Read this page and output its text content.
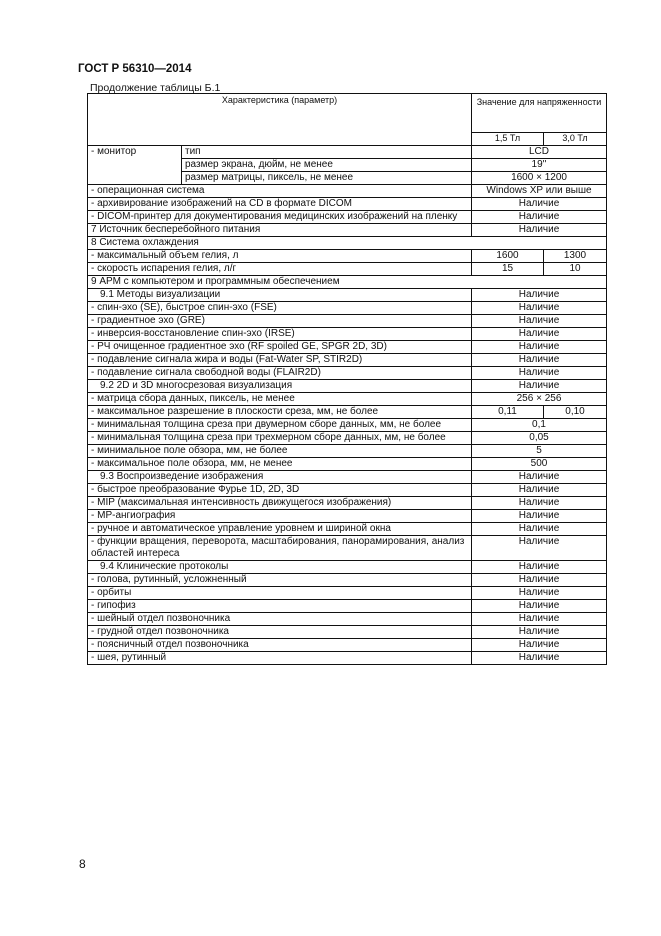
ГОСТ Р 56310—2014
Продолжение таблицы Б.1
Характеристика (параметр)		Значение для напряженности	
		1,5 Тл	3,0 Тл
- монитор	тип	LCD	
	размер экрана, дюйм, не менее	19''	
	размер матрицы, пиксель, не менее	1600 × 1200	
- операционная система		Windows XP или выше	
- архивирование изображений на CD в формате DICOM		Наличие	
- DICOM-принтер для документирования медицинских изображений на пленку		Наличие	
7 Источник бесперебойного питания		Наличие	
8 Система охлаждения			
- максимальный объем гелия, л		1600	1300
- скорость испарения гелия, л/г		15	10
9 АРМ с компьютером и программным обеспечением			
9.1 Методы визуализации		Наличие	
- спин-эхо (SE), быстрое спин-эхо (FSE)		Наличие	
- градиентное эхо (GRE)		Наличие	
- инверсия-восстановление спин-эхо (IRSE)		Наличие	
- РЧ очищенное градиентное эхо (RF spoiled GE, SPGR 2D, 3D)		Наличие	
- подавление сигнала жира и воды (Fat-Water SP, STIR2D)		Наличие	
- подавление сигнала свободной воды (FLAIR2D)		Наличие	
9.2 2D и 3D многосрезовая визуализация		Наличие	
- матрица сбора данных, пиксель, не менее		256 × 256	
- максимальное разрешение в плоскости среза, мм, не более		0,11	0,10
- минимальная толщина среза при двумерном сборе данных, мм, не более		0,1	
- минимальная толщина среза при трехмерном сборе данных, мм, не более		0,05	
- минимальное поле обзора, мм, не более		5	
- максимальное поле обзора, мм, не менее		500	
9.3 Воспроизведение изображения		Наличие	
- быстрое преобразование Фурье 1D, 2D, 3D		Наличие	
- MIP (максимальная интенсивность движущегося изображения)		Наличие	
- МР-ангиография		Наличие	
- ручное и автоматическое управление уровнем и шириной окна		Наличие	
- функции вращения, переворота, масштабирования, панорамирования, анализ областей интереса		Наличие	
9.4 Клинические протоколы		Наличие	
- голова, рутинный, усложненный		Наличие	
- орбиты		Наличие	
- гипофиз		Наличие	
- шейный отдел позвоночника		Наличие	
- грудной отдел позвоночника		Наличие	
- поясничный отдел позвоночника		Наличие	
- шея, рутинный		Наличие	
8
